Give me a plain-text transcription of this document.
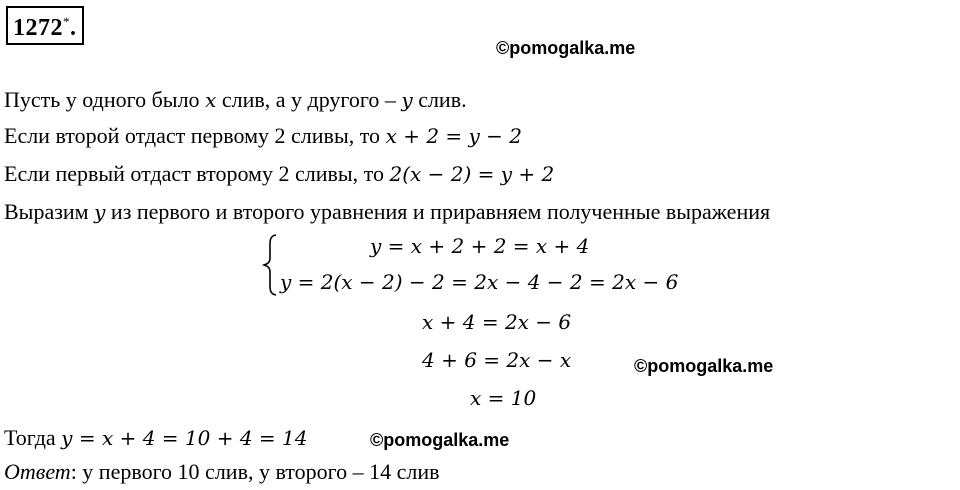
1272*.
©pomogalka.me
Пусть у одного было x слив, а у другого – y слив.
Если второй отдаст первому 2 сливы, то x + 2 = y − 2
Если первый отдаст второму 2 сливы, то 2(x − 2) = y + 2
Выразим y из первого и второго уравнения и приравняем полученные выражения
y = x + 2 + 2 = x + 4
y = 2(x − 2) − 2 = 2x − 4 − 2 = 2x − 6
x + 4 = 2x − 6
4 + 6 = 2x − x	©pomogalka.me
x = 10
Тогда y = x + 4 = 10 + 4 = 14	©pomogalka.me
Ответ: у первого 10 слив, у второго – 14 слив
